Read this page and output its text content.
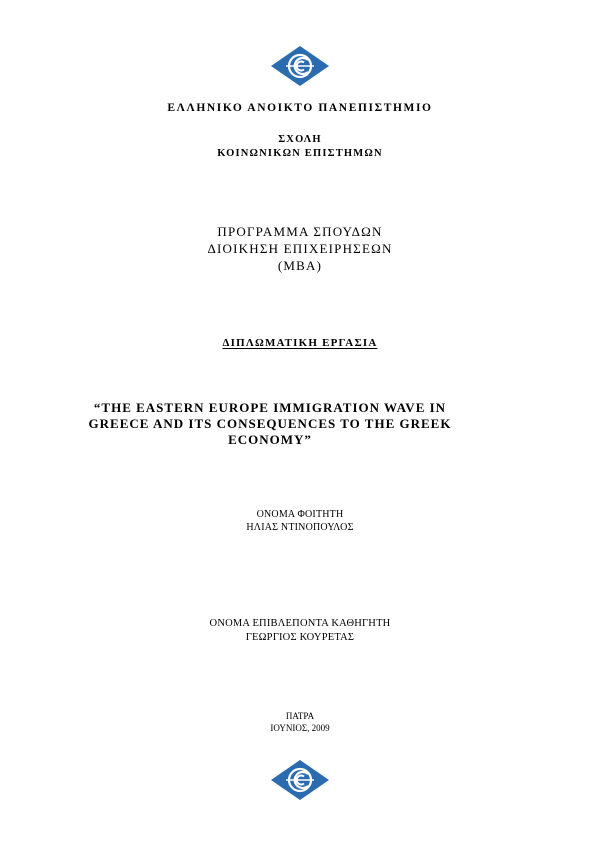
ΕΛΛΗΝΙΚΟ ΑΝΟΙΚΤΟ ΠΑΝΕΠΙΣΤΗΜΙΟ
ΣΧΟΛΗ
ΚΟΙΝΩΝΙΚΩΝ ΕΠΙΣΤΗΜΩΝ
ΠΡΟΓΡΑΜΜΑ ΣΠΟΥΔΩΝ
ΔΙΟΙΚΗΣΗ ΕΠΙΧΕΙΡΗΣΕΩΝ
(MBA)
ΔΙΠΛΩΜΑΤΙΚΗ ΕΡΓΑΣΙΑ
“THE EASTERN EUROPE IMMIGRATION WAVE IN
GREECE AND ITS CONSEQUENCES TO THE GREEK
ECONOMY”
ΟΝΟΜΑ ΦΟΙΤΗΤΗ
ΗΛΙΑΣ ΝΤΙΝΟΠΟΥΛΟΣ
ΟΝΟΜΑ ΕΠΙΒΛΕΠΟΝΤΑ ΚΑΘΗΓΗΤΗ
ΓΕΩΡΓΙΟΣ ΚΟΥΡΕΤΑΣ
ΠΑΤΡΑ
ΙΟΥΝΙΟΣ, 2009
